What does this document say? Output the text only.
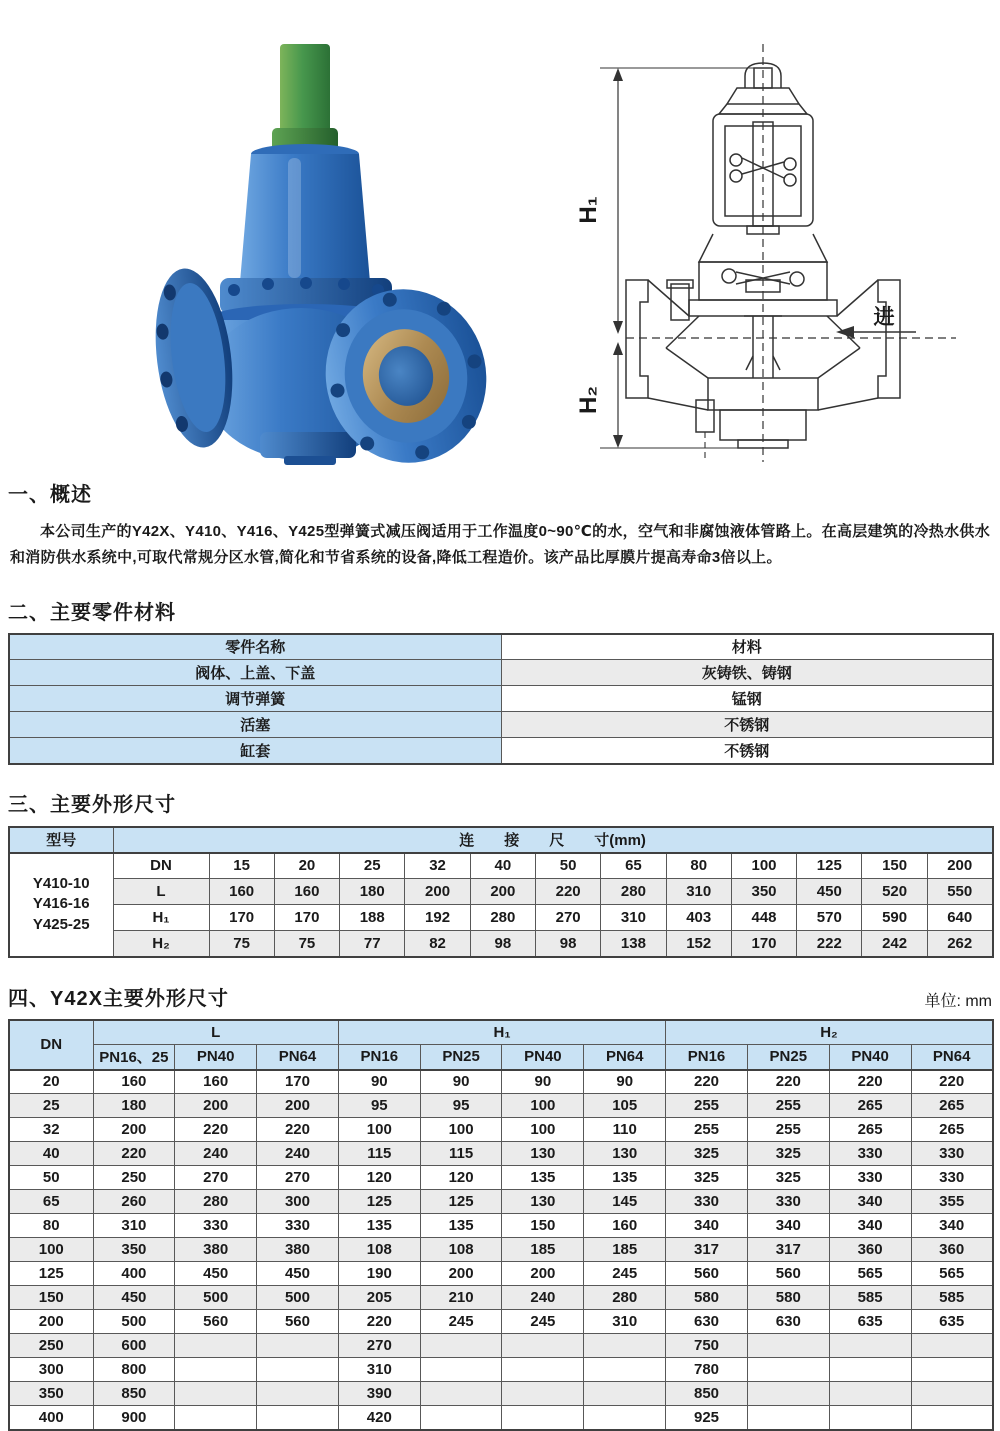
H₁
H₂
进
一、概述

本公司生产的Y42X、Y410、Y416、Y425型弹簧式减压阀适用于工作温度0~90℃的水，空气和非腐蚀液体管路上。在高层建筑的冷热水供水和消防供水系统中,可取代常规分区水管,简化和节省系统的设备,降低工程造价。该产品比厚膜片提高寿命3倍以上。

二、主要零件材料
零件名称	材料
阀体、上盖、下盖	灰铸铁、铸钢
调节弹簧	锰钢
活塞	不锈钢
缸套	不锈钢
三、主要外形尺寸
型号	连　　接　　尺　　寸(mm)												

Y410-10
Y416-16
Y425-25	DN	15	20	25	32	40	50	65	80	100	125	150	200
	L	160	160	180	200	200	220	280	310	350	450	520	550
	H₁	170	170	188	192	280	270	310	403	448	570	590	640
	H₂	75	75	77	82	98	98	138	152	170	222	242	262
四、Y42X主要外形尺寸	单位: mm
DN	L			H₁				H₂			
	PN16、25	PN40	PN64	PN16	PN25	PN40	PN64	PN16	PN25	PN40	PN64
20	160	160	170	90	90	90	90	220	220	220	220
25	180	200	200	95	95	100	105	255	255	265	265
32	200	220	220	100	100	100	110	255	255	265	265
40	220	240	240	115	115	130	130	325	325	330	330
50	250	270	270	120	120	135	135	325	325	330	330
65	260	280	300	125	125	130	145	330	330	340	355
80	310	330	330	135	135	150	160	340	340	340	340
100	350	380	380	108	108	185	185	317	317	360	360
125	400	450	450	190	200	200	245	560	560	565	565
150	450	500	500	205	210	240	280	580	580	585	585
200	500	560	560	220	245	245	310	630	630	635	635
250	600			270				750			
300	800			310				780			
350	850			390				850			
400	900			420				925			
